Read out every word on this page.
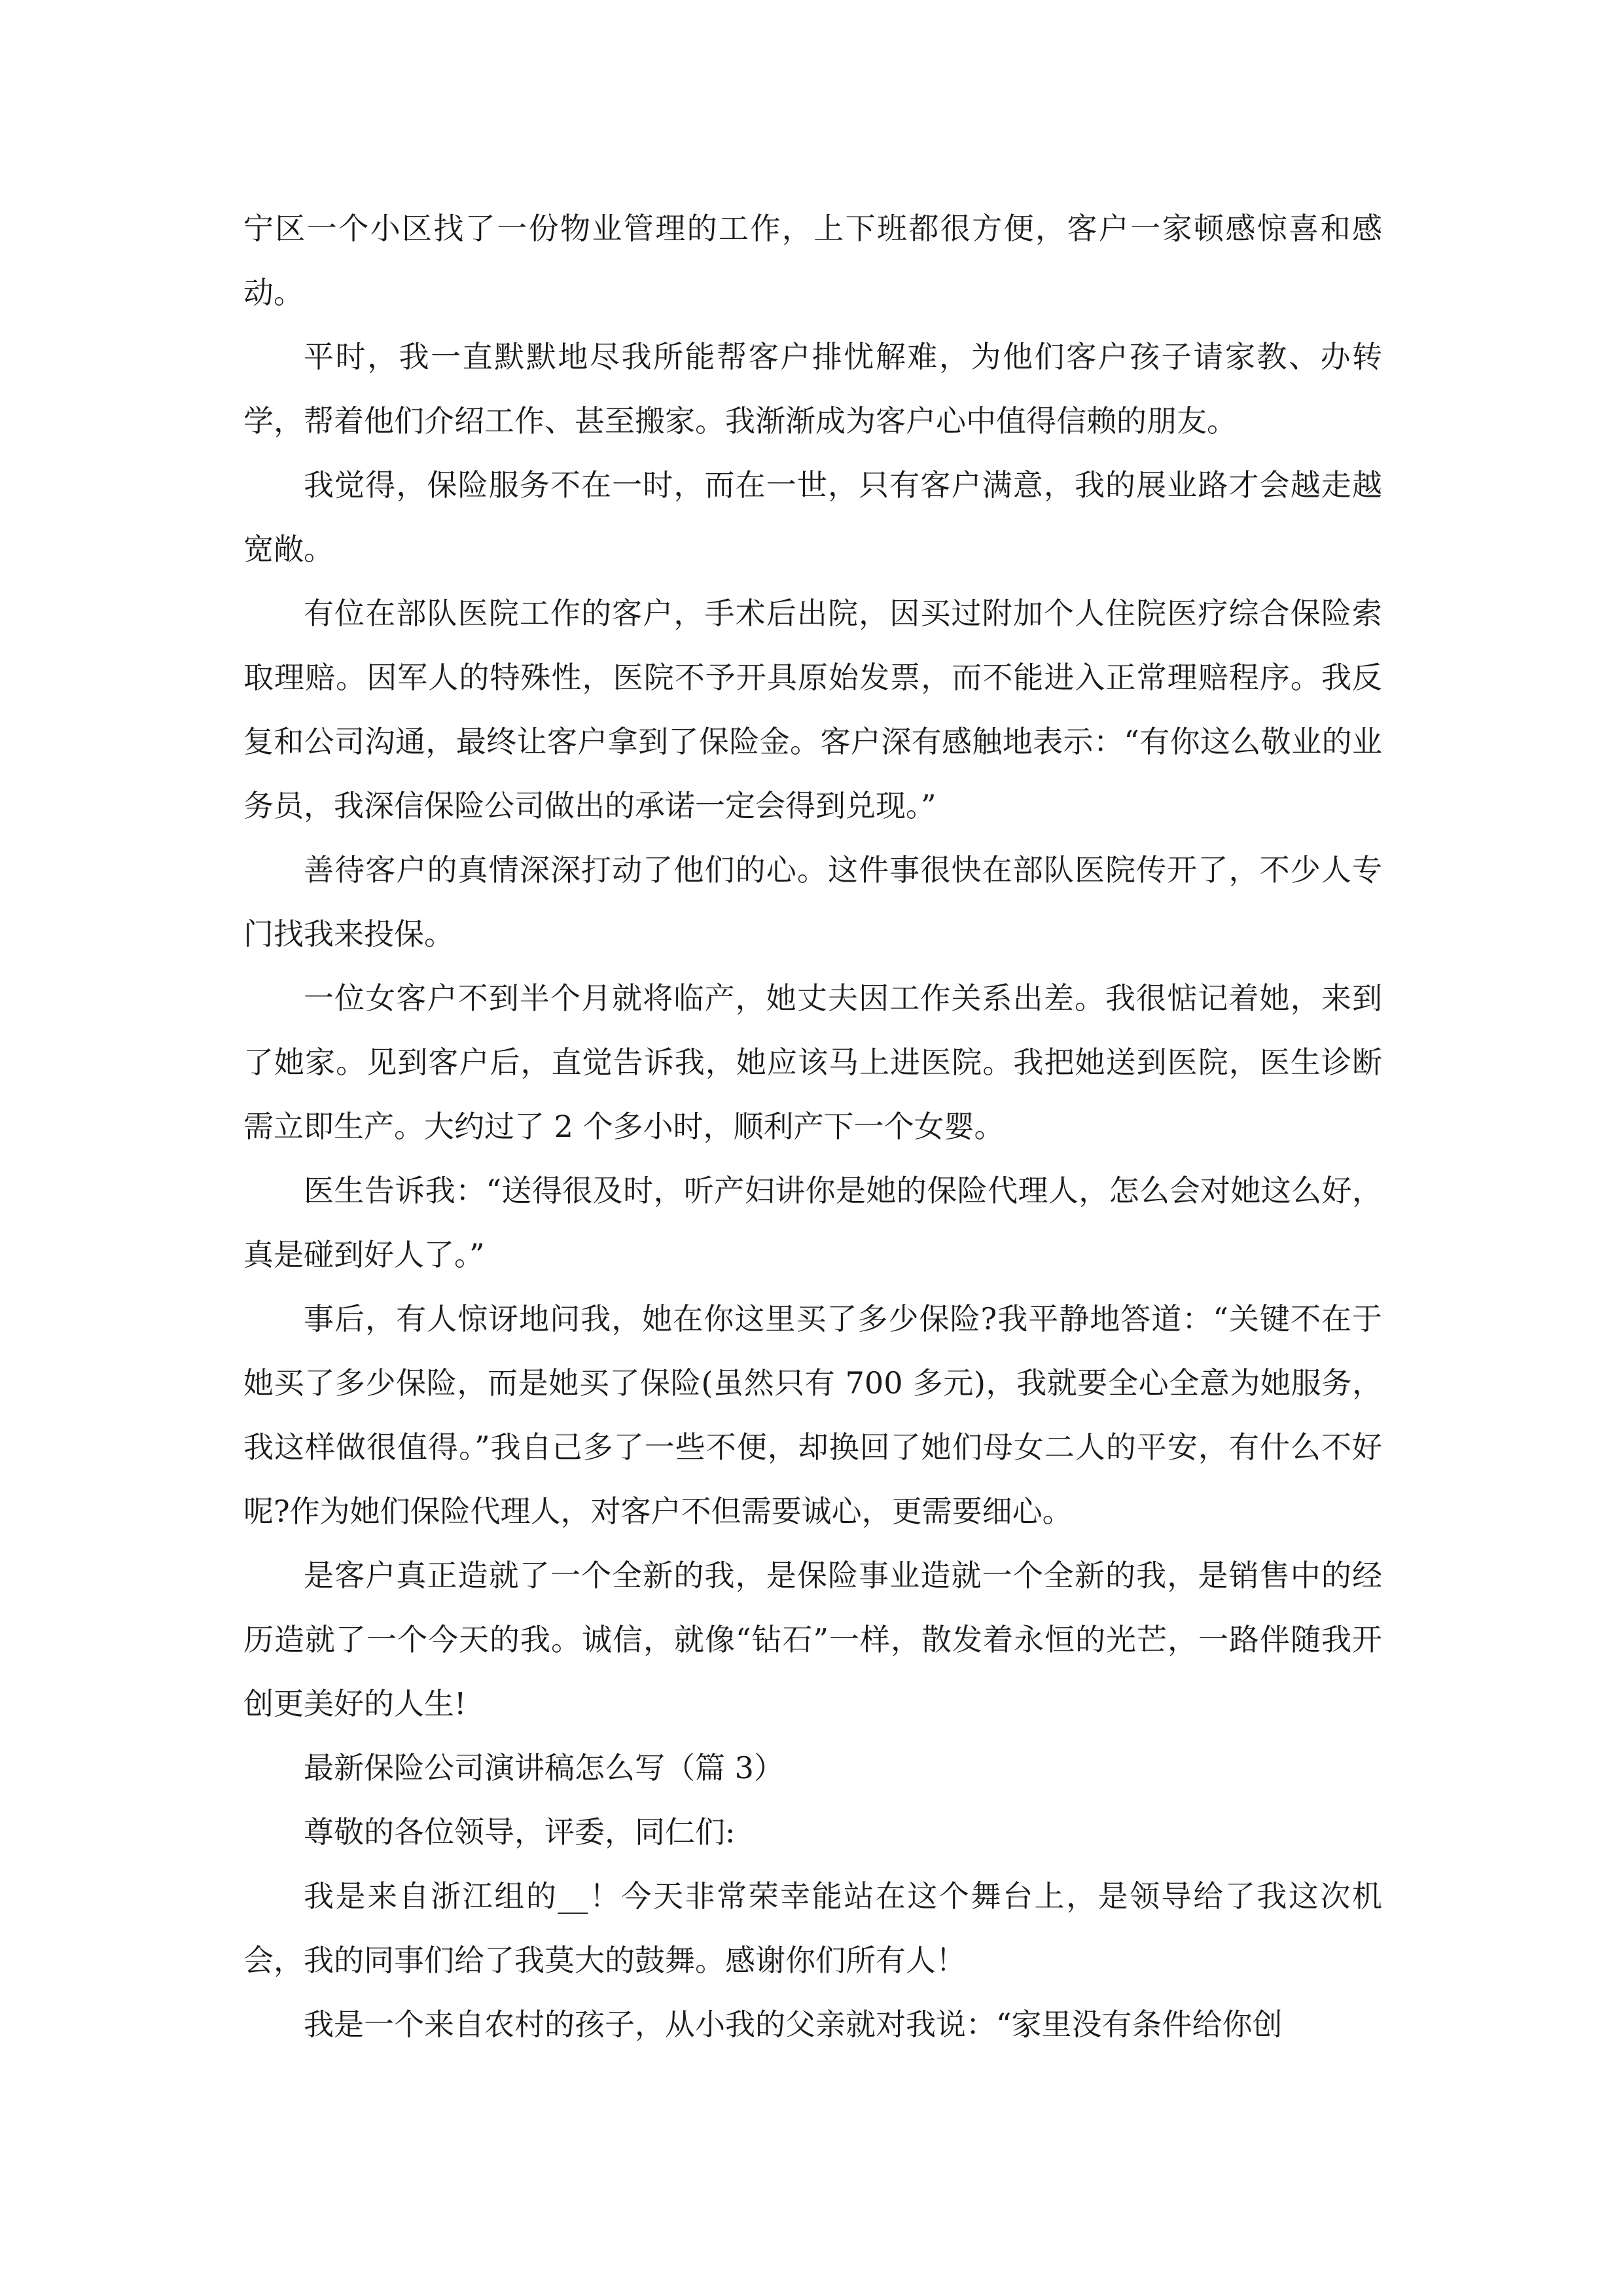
宁区一个小区找了一份物业管理的工作，上下班都很方便，客户一家顿感惊喜和感动。

平时，我一直默默地尽我所能帮客户排忧解难，为他们客户孩子请家教、办转学，帮着他们介绍工作、甚至搬家。我渐渐成为客户心中值得信赖的朋友。

我觉得，保险服务不在一时，而在一世，只有客户满意，我的展业路才会越走越宽敞。

有位在部队医院工作的客户，手术后出院，因买过附加个人住院医疗综合保险索取理赔。因军人的特殊性，医院不予开具原始发票，而不能进入正常理赔程序。我反复和公司沟通，最终让客户拿到了保险金。客户深有感触地表示：“有你这么敬业的业务员，我深信保险公司做出的承诺一定会得到兑现。”

善待客户的真情深深打动了他们的心。这件事很快在部队医院传开了，不少人专门找我来投保。

一位女客户不到半个月就将临产，她丈夫因工作关系出差。我很惦记着她，来到了她家。见到客户后，直觉告诉我，她应该马上进医院。我把她送到医院，医生诊断需立即生产。大约过了 2 个多小时，顺利产下一个女婴。

医生告诉我：“送得很及时，听产妇讲你是她的保险代理人，怎么会对她这么好，真是碰到好人了。”

事后，有人惊讶地问我，她在你这里买了多少保险?我平静地答道：“关键不在于她买了多少保险，而是她买了保险(虽然只有 700 多元)，我就要全心全意为她服务，我这样做很值得。”我自己多了一些不便，却换回了她们母女二人的平安，有什么不好呢?作为她们保险代理人，对客户不但需要诚心，更需要细心。

是客户真正造就了一个全新的我，是保险事业造就一个全新的我，是销售中的经历造就了一个今天的我。诚信，就像“钻石”一样，散发着永恒的光芒，一路伴随我开创更美好的人生!

最新保险公司演讲稿怎么写（篇 3）

尊敬的各位领导，评委，同仁们:

我是来自浙江组的__！今天非常荣幸能站在这个舞台上，是领导给了我这次机会，我的同事们给了我莫大的鼓舞。感谢你们所有人！

我是一个来自农村的孩子，从小我的父亲就对我说：“家里没有条件给你创
